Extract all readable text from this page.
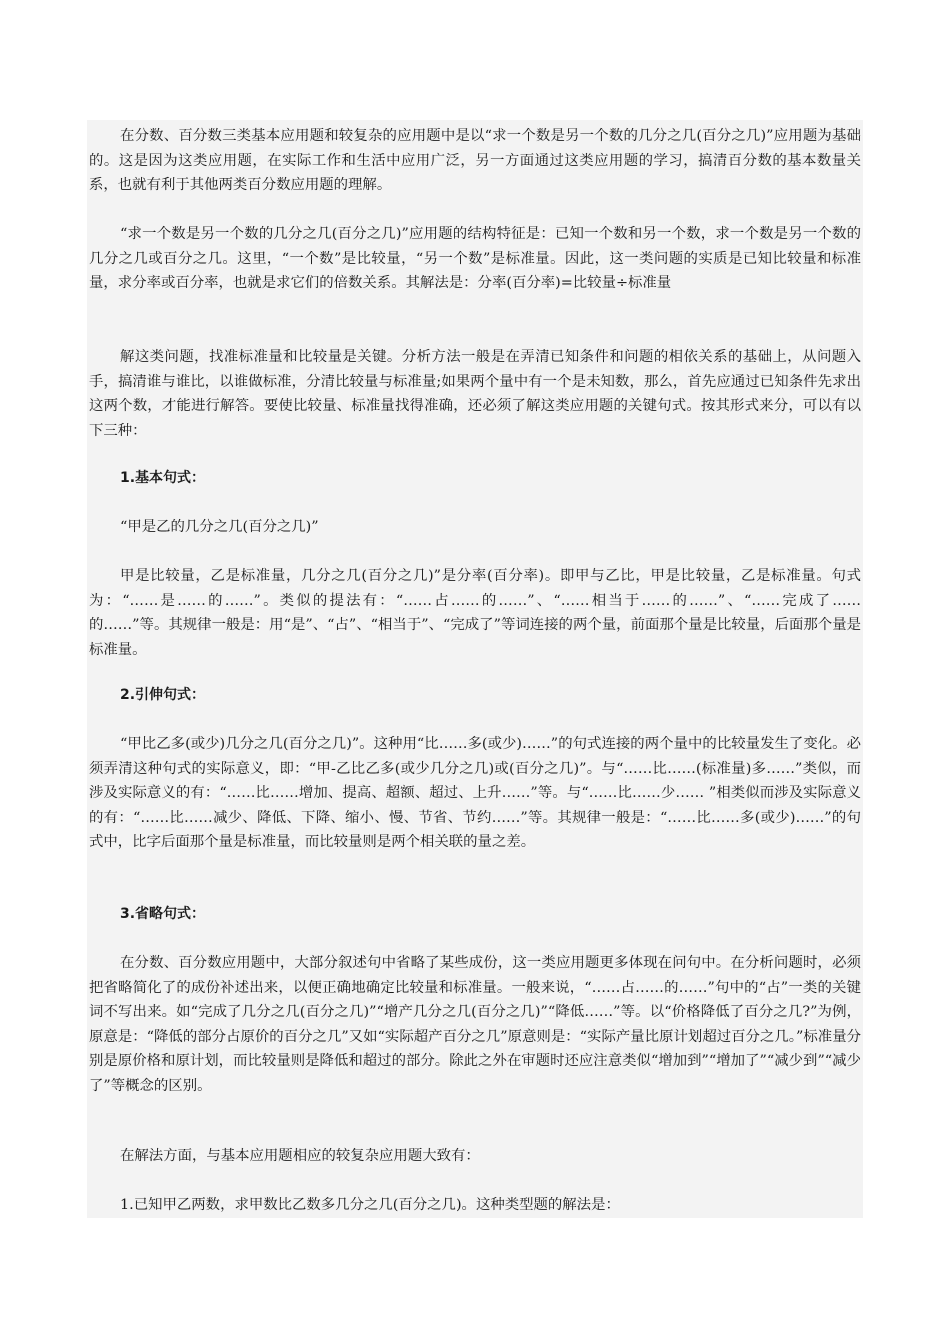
在分数、百分数三类基本应用题和较复杂的应用题中是以“求一个数是另一个数的几分之几(百分之几)”应用题为基础的。这是因为这类应用题，在实际工作和生活中应用广泛，另一方面通过这类应用题的学习，搞清百分数的基本数量关系，也就有利于其他两类百分数应用题的理解。

“求一个数是另一个数的几分之几(百分之几)”应用题的结构特征是：已知一个数和另一个数，求一个数是另一个数的几分之几或百分之几。这里，“一个数”是比较量，“另一个数”是标准量。因此，这一类问题的实质是已知比较量和标准量，求分率或百分率，也就是求它们的倍数关系。其解法是：分率(百分率)=比较量÷标准量

解这类问题，找准标准量和比较量是关键。分析方法一般是在弄清已知条件和问题的相依关系的基础上，从问题入手，搞清谁与谁比，以谁做标准，分清比较量与标准量;如果两个量中有一个是未知数，那么，首先应通过已知条件先求出这两个数，才能进行解答。要使比较量、标准量找得准确，还必须了解这类应用题的关键句式。按其形式来分，可以有以下三种：

1.基本句式：

“甲是乙的几分之几(百分之几)”

甲是比较量，乙是标准量，几分之几(百分之几)”是分率(百分率)。即甲与乙比，甲是比较量，乙是标准量。句式为：“……是……的……”。类似的提法有：“……占……的……”、“……相当于……的……”、“……完成了……的……”等。其规律一般是：用“是”、“占”、“相当于”、“完成了”等词连接的两个量，前面那个量是比较量，后面那个量是标准量。

2.引伸句式：

“甲比乙多(或少)几分之几(百分之几)”。这种用“比……多(或少)……”的句式连接的两个量中的比较量发生了变化。必须弄清这种句式的实际意义，即：“甲-乙比乙多(或少几分之几)或(百分之几)”。与“……比……(标准量)多……”类似，而涉及实际意义的有：“……比……增加、提高、超额、超过、上升……”等。与“……比……少…… ”相类似而涉及实际意义的有：“……比……减少、降低、下降、缩小、慢、节省、节约……”等。其规律一般是：“……比……多(或少)……”的句式中，比字后面那个量是标准量，而比较量则是两个相关联的量之差。

3.省略句式：

在分数、百分数应用题中，大部分叙述句中省略了某些成份，这一类应用题更多体现在问句中。在分析问题时，必须把省略简化了的成份补述出来，以便正确地确定比较量和标准量。一般来说，“……占……的……”句中的“占”一类的关键词不写出来。如“完成了几分之几(百分之几)”“增产几分之几(百分之几)”“降低……”等。以“价格降低了百分之几?”为例，原意是：“降低的部分占原价的百分之几”又如“实际超产百分之几”原意则是：“实际产量比原计划超过百分之几。”标准量分别是原价格和原计划，而比较量则是降低和超过的部分。除此之外在审题时还应注意类似“增加到”“增加了”“减少到”“减少了”等概念的区别。

在解法方面，与基本应用题相应的较复杂应用题大致有：

1.已知甲乙两数，求甲数比乙数多几分之几(百分之几)。这种类型题的解法是：
